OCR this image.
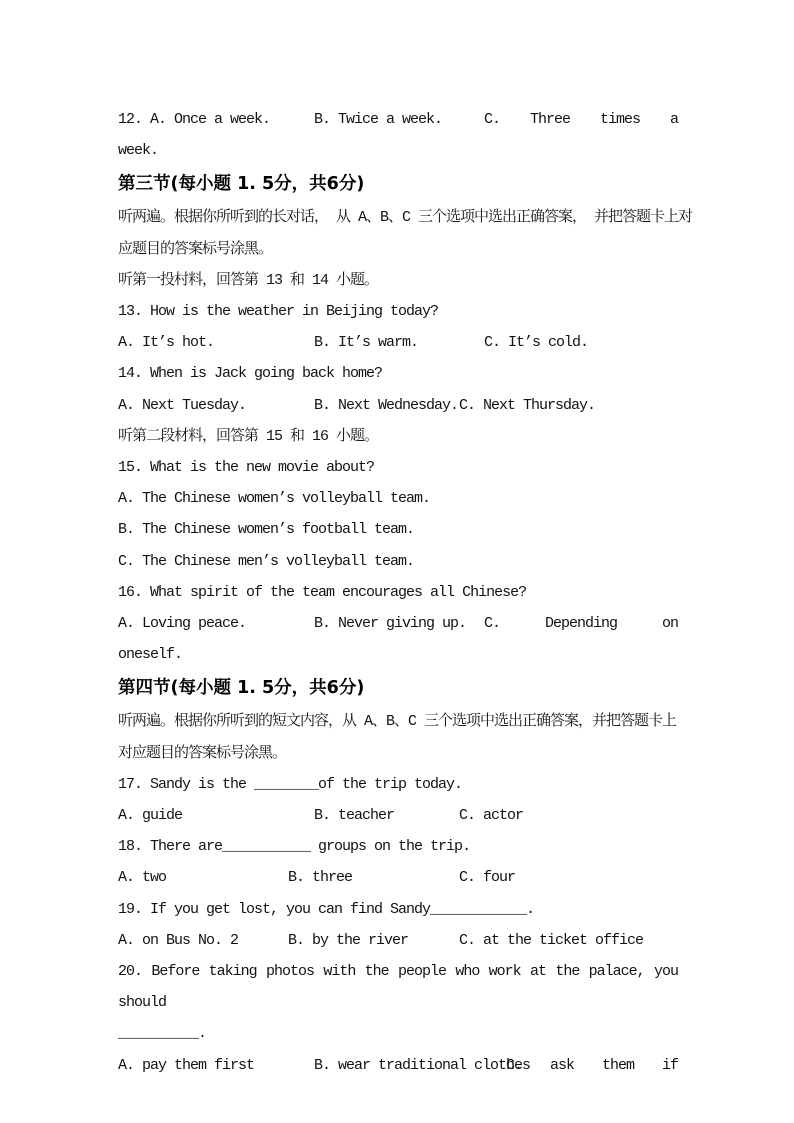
12. A. Once a week.	B. Twice a week.	C. Three times a
week.
第三节(每小题 1. 5分，共6分)
听两遍。根据你所听到的长对话， 从 A、B、C 三个选项中选出正确答案， 并把答题卡上对
应题目的答案标号涂黑。
听第一投村料，回答第 13 和 14 小题。
13. How is the weather in Beijing today?
A. It’s hot.	B. It’s warm.	C. It’s cold.
14. When is Jack going back home?
A. Next Tuesday.	B. Next Wednesday. C. Next Thursday.
听第二段材料，回答第 15 和 16 小题。
15. What is the new movie about?
A. The Chinese women’s volleyball team.
B. The Chinese women’s football team.
C. The Chinese men’s volleyball team.
16. What spirit of the team encourages all Chinese?
A. Loving peace.	B. Never giving up.	C. Depending on
oneself.
第四节(每小题 1. 5分，共6分)
听两遍。根据你所听到的短文内容，从 A、B、C 三个选项中选出正确答案，并把答题卡上
对应题目的答案标号涂黑。
17. Sandy is the ________of the trip today.
A. guide	B. teacher	C. actor
18. There are___________ groups on the trip.
A. two	B. three	C. four
19. If you get lost, you can find Sandy____________.
A. on Bus No. 2	B. by the river	C. at the ticket office
20. Before taking photos with the people who work at the palace, you should
__________.
A. pay them first	B. wear traditional clothes
C. ask them if
